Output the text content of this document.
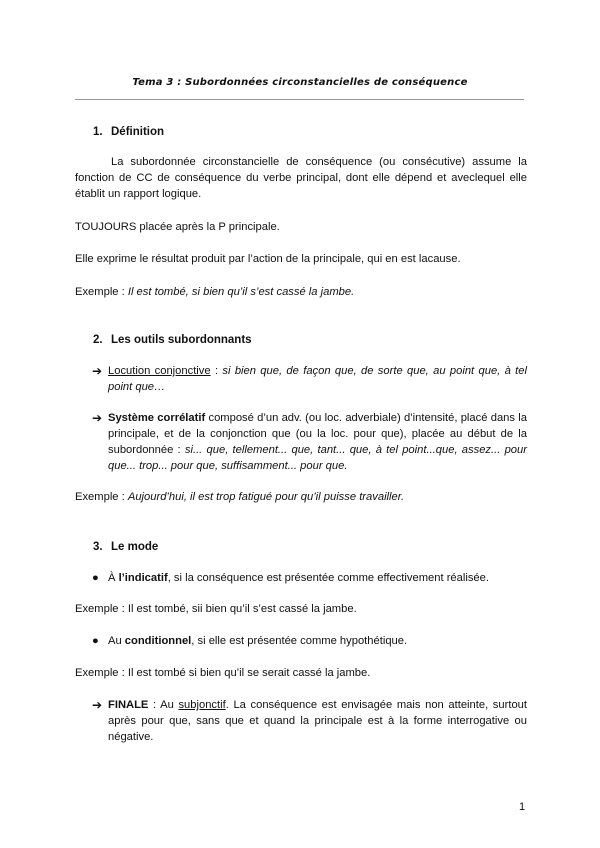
Tema 3 : Subordonnées circonstancielles de conséquence
1. Définition
La subordonnée circonstancielle de conséquence (ou consécutive) assume la fonction de CC de conséquence du verbe principal, dont elle dépend et aveclequel elle établit un rapport logique.
TOUJOURS placée après la P principale.
Elle exprime le résultat produit par l’action de la principale, qui en est lacause.
Exemple : Il est tombé, si bien qu’il s’est cassé la jambe.
2. Les outils subordonnants
➔ Locution conjonctive : si bien que, de façon que, de sorte que, au point que, à tel point que…
➔ Système corrélatif composé d’un adv. (ou loc. adverbiale) d’intensité, placé dans la principale, et de la conjonction que (ou la loc. pour que), placée au début de la subordonnée : si... que, tellement... que, tant... que, à tel point...que, assez... pour que... trop... pour que, suffisamment... pour que.
Exemple : Aujourd’hui, il est trop fatigué pour qu’il puisse travailler.
3. Le mode
● À l’indicatif, si la conséquence est présentée comme effectivement réalisée.
Exemple : Il est tombé, sii bien qu’il s’est cassé la jambe.
● Au conditionnel, si elle est présentée comme hypothétique.
Exemple : Il est tombé si bien qu’il se serait cassé la jambe.
➔ FINALE : Au subjonctif. La conséquence est envisagée mais non atteinte, surtout après pour que, sans que et quand la principale est à la forme interrogative ou négative.
1
